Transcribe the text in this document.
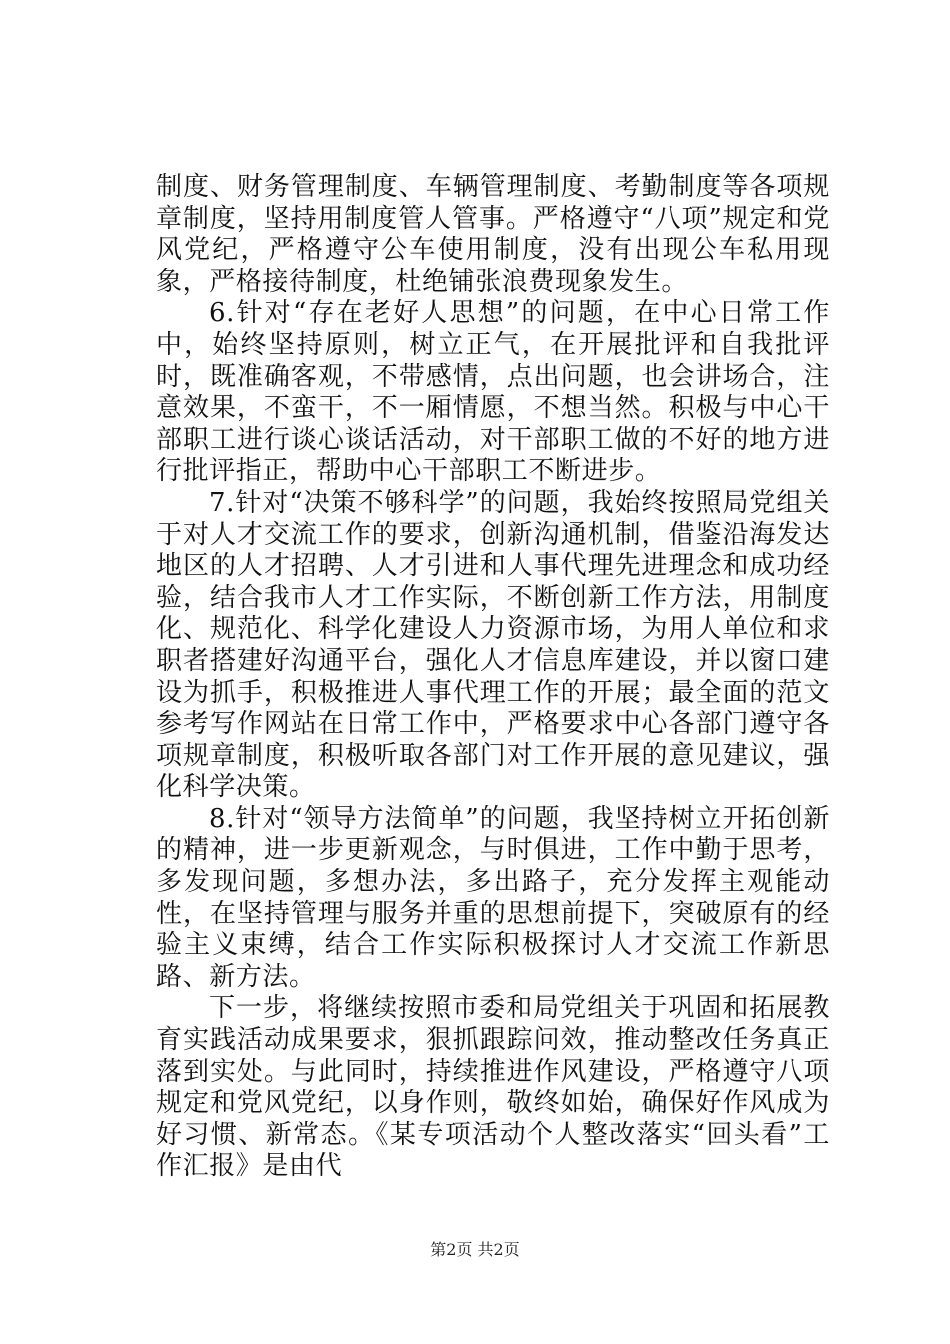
制度、财务管理制度、车辆管理制度、考勤制度等各项规章制度，坚持用制度管人管事。严格遵守“八项”规定和党风党纪，严格遵守公车使用制度，没有出现公车私用现象，严格接待制度，杜绝铺张浪费现象发生。

6.针对“存在老好人思想”的问题，在中心日常工作中，始终坚持原则，树立正气，在开展批评和自我批评时，既准确客观，不带感情，点出问题，也会讲场合，注意效果，不蛮干，不一厢情愿，不想当然。积极与中心干部职工进行谈心谈话活动，对干部职工做的不好的地方进行批评指正，帮助中心干部职工不断进步。

7.针对“决策不够科学”的问题，我始终按照局党组关于对人才交流工作的要求，创新沟通机制，借鉴沿海发达地区的人才招聘、人才引进和人事代理先进理念和成功经验，结合我市人才工作实际，不断创新工作方法，用制度化、规范化、科学化建设人力资源市场，为用人单位和求职者搭建好沟通平台，强化人才信息库建设，并以窗口建设为抓手，积极推进人事代理工作的开展；最全面的范文参考写作网站在日常工作中，严格要求中心各部门遵守各项规章制度，积极听取各部门对工作开展的意见建议，强化科学决策。

8.针对“领导方法简单”的问题，我坚持树立开拓创新的精神，进一步更新观念，与时俱进，工作中勤于思考，多发现问题，多想办法，多出路子，充分发挥主观能动性，在坚持管理与服务并重的思想前提下，突破原有的经验主义束缚，结合工作实际积极探讨人才交流工作新思路、新方法。

下一步，将继续按照市委和局党组关于巩固和拓展教育实践活动成果要求，狠抓跟踪问效，推动整改任务真正落到实处。与此同时，持续推进作风建设，严格遵守八项规定和党风党纪，以身作则，敬终如始，确保好作风成为好习惯、新常态。《某专项活动个人整改落实“回头看”工作汇报》是由代

第2页 共2页
